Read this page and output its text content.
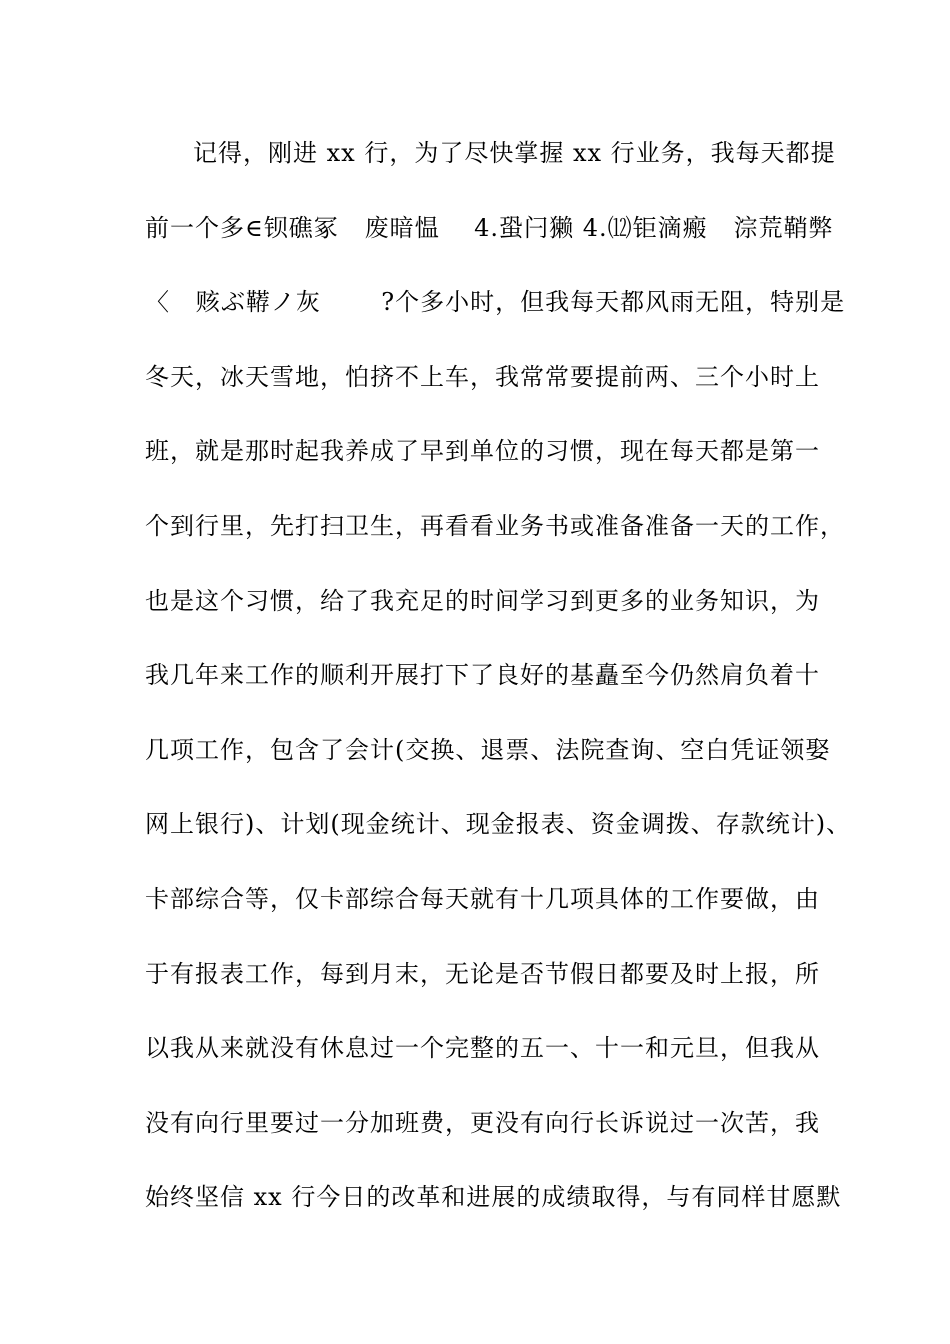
记得，刚进 xx 行，为了尽快掌握 xx 行业务，我每天都提
前一个多∈钡礁冢   废暗愠    4.蛩闩獭 4.⑿钜滴瘢   淙荒鞘弊
〈   赅ぶ鞯ノ灰       ?个多小时，但我每天都风雨无阻，特别是
冬天，冰天雪地，怕挤不上车，我常常要提前两、三个小时上
班，就是那时起我养成了早到单位的习惯，现在每天都是第一
个到行里，先打扫卫生，再看看业务书或准备准备一天的工作，
也是这个习惯，给了我充足的时间学习到更多的业务知识，为
我几年来工作的顺利开展打下了良好的基矗至今仍然肩负着十
几项工作，包含了会计(交换、退票、法院查询、空白凭证领娶
网上银行)、计划(现金统计、现金报表、资金调拨、存款统计)、
卡部综合等，仅卡部综合每天就有十几项具体的工作要做，由
于有报表工作，每到月末，无论是否节假日都要及时上报，所
以我从来就没有休息过一个完整的五一、十一和元旦，但我从
没有向行里要过一分加班费，更没有向行长诉说过一次苦，我
始终坚信 xx 行今日的改革和进展的成绩取得，与有同样甘愿默
